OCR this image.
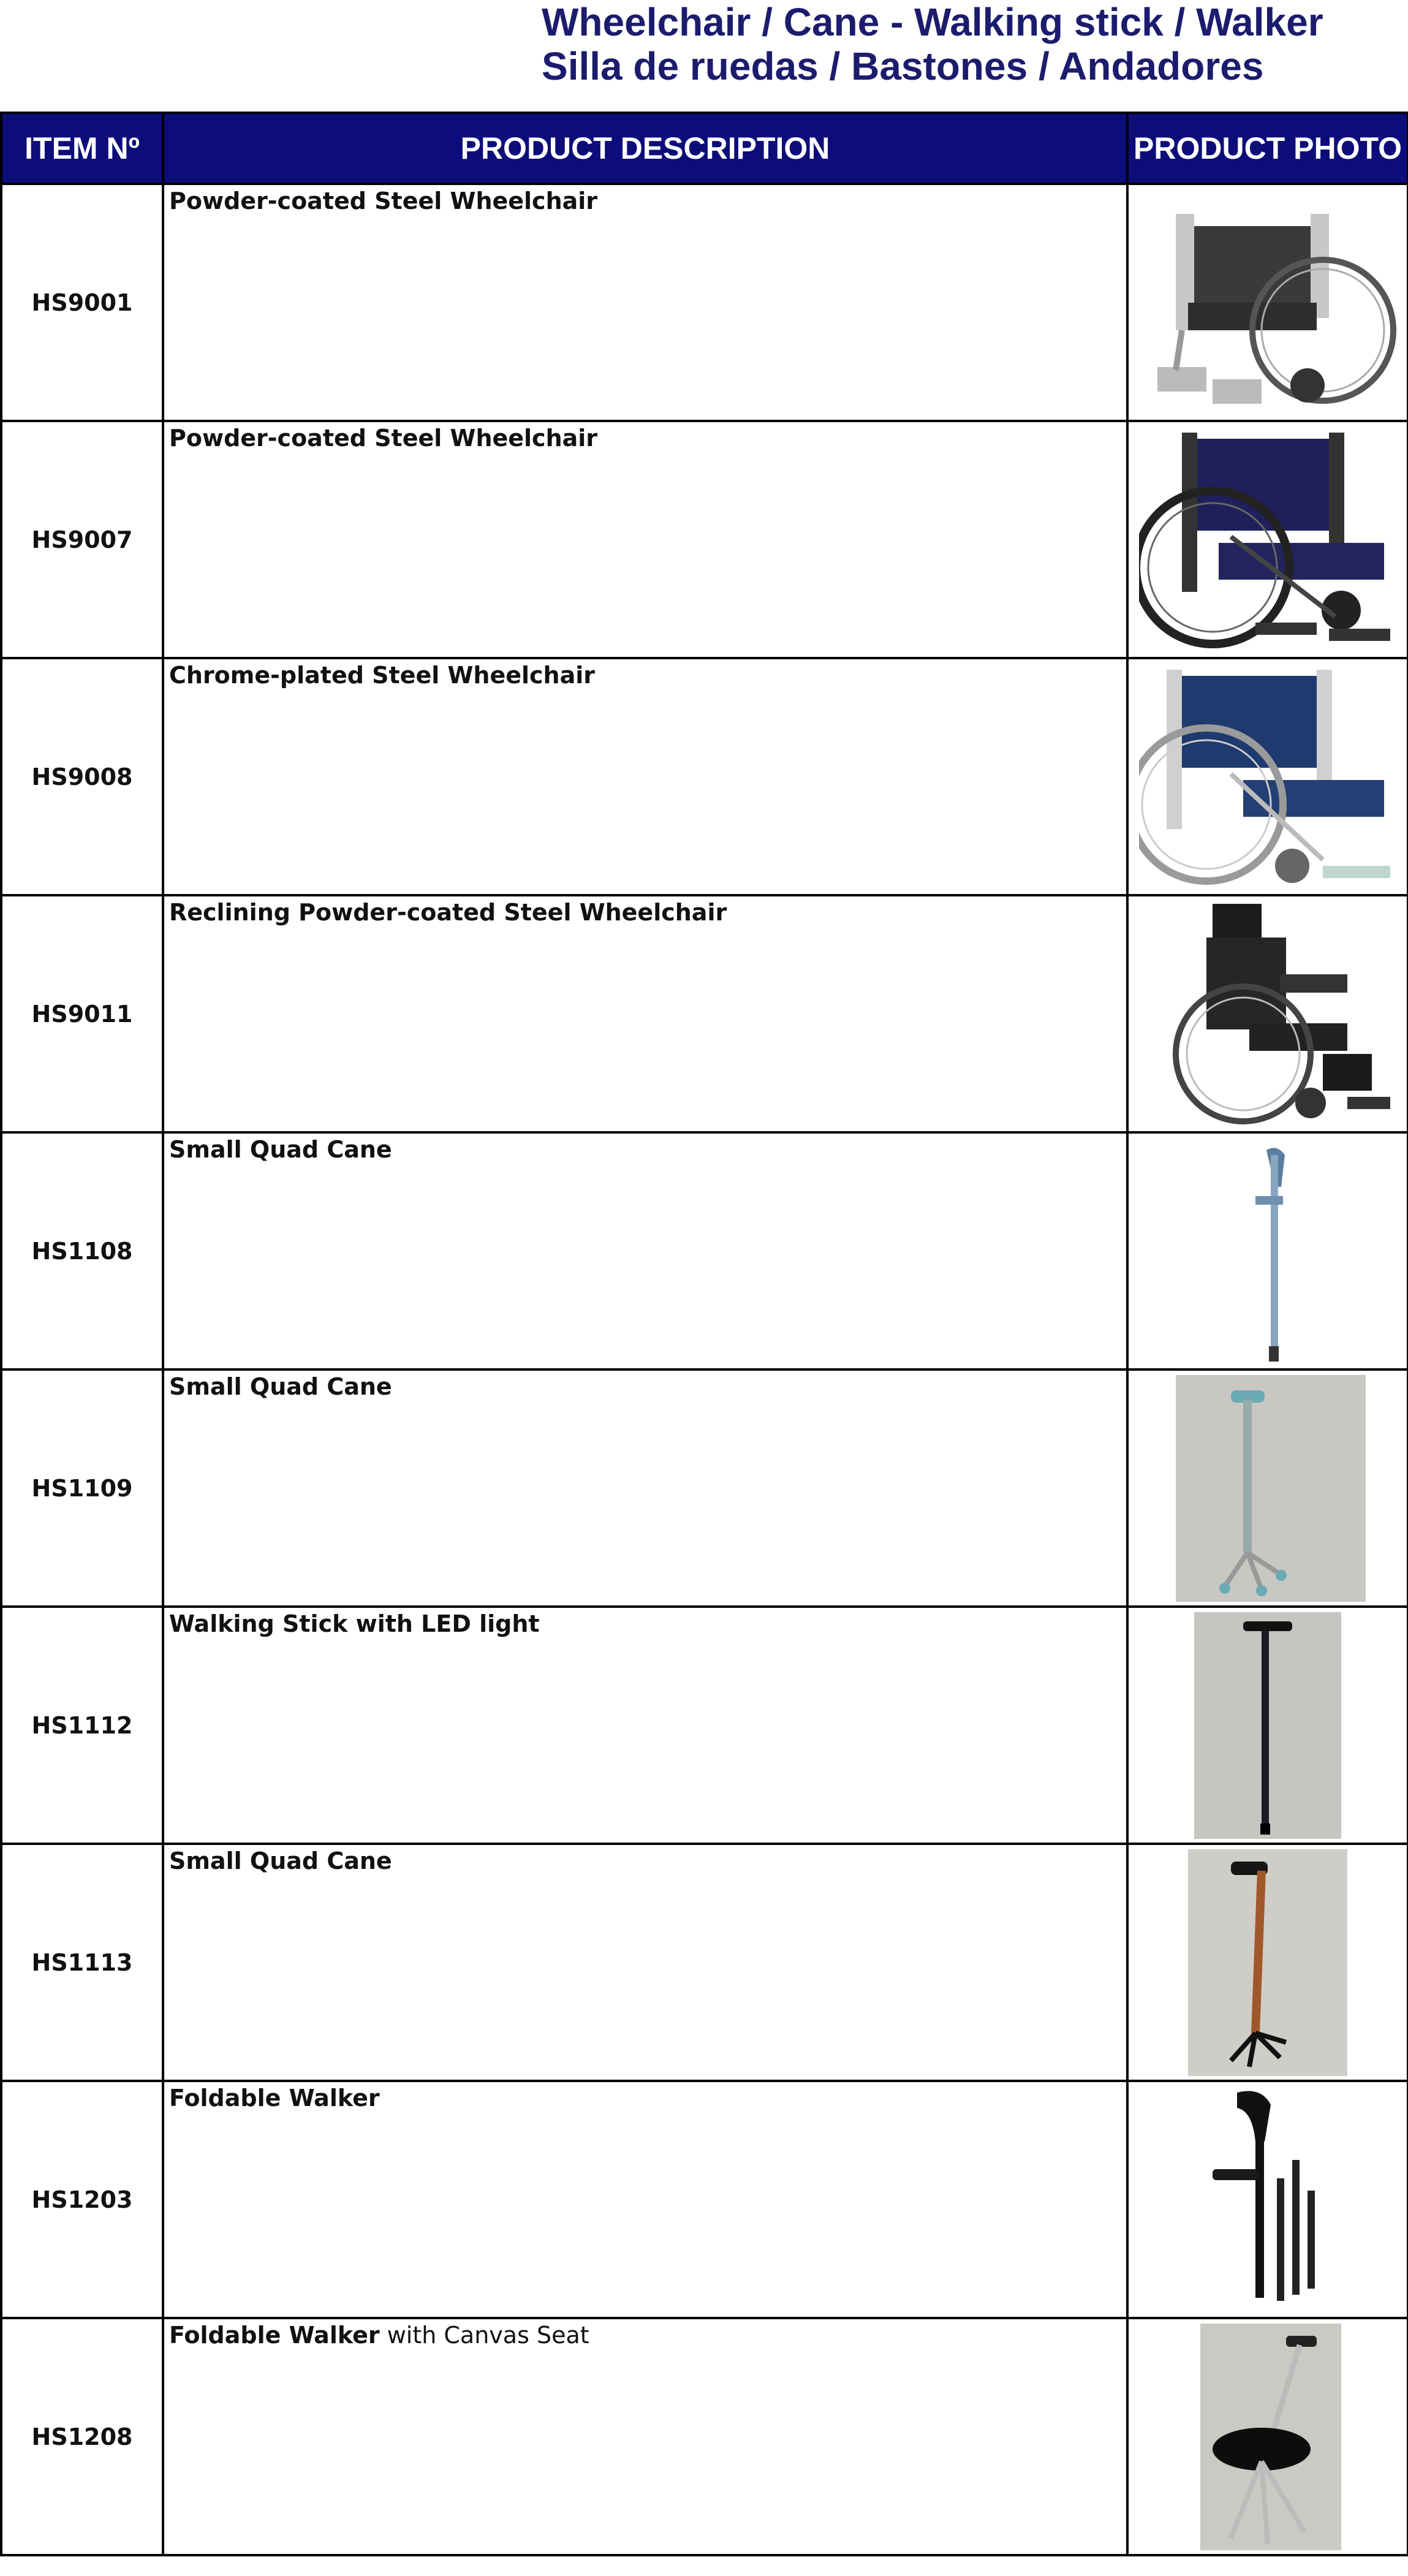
Wheelchair / Cane - Walking stick / Walker
Silla de ruedas / Bastones / Andadores
ITEM Nº	PRODUCT DESCRIPTION	PRODUCT PHOTO
HS9001	Powder-coated Steel Wheelchair	

HS9007	Powder-coated Steel Wheelchair	

HS9008	Chrome-plated Steel Wheelchair	

HS9011	Reclining Powder-coated Steel Wheelchair	

HS1108	Small Quad Cane	

HS1109	Small Quad Cane	

HS1112	Walking Stick with LED light	

HS1113	Small Quad Cane	

HS1203	Foldable Walker	

HS1208	Foldable Walker with Canvas Seat	
